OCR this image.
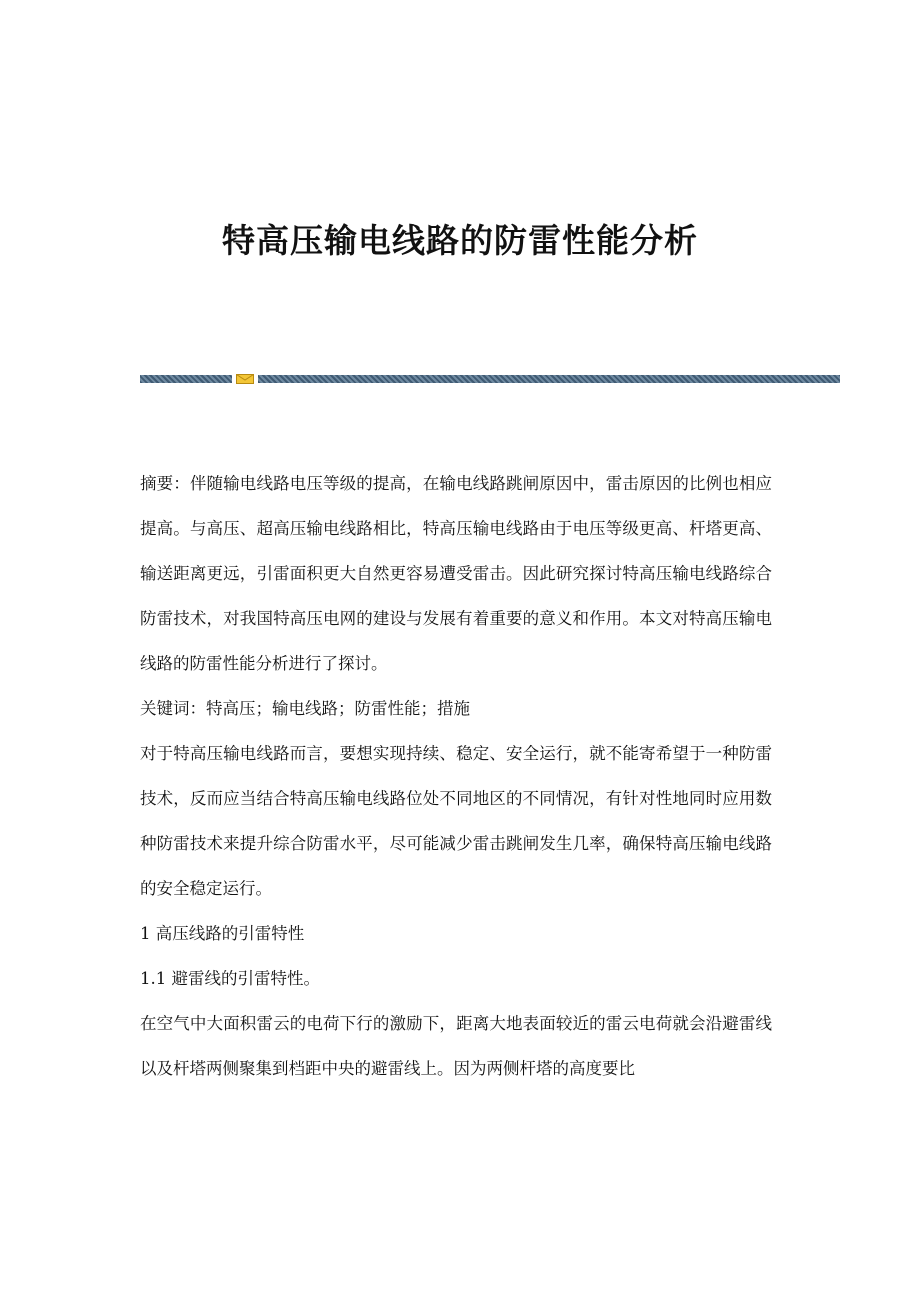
特高压输电线路的防雷性能分析

摘要：伴随输电线路电压等级的提高，在输电线路跳闸原因中，雷击原因的比例也相应提高。与高压、超高压输电线路相比，特高压输电线路由于电压等级更高、杆塔更高、输送距离更远，引雷面积更大自然更容易遭受雷击。因此研究探讨特高压输电线路综合防雷技术，对我国特高压电网的建设与发展有着重要的意义和作用。本文对特高压输电线路的防雷性能分析进行了探讨。

关键词：特高压；输电线路；防雷性能；措施

对于特高压输电线路而言，要想实现持续、稳定、安全运行，就不能寄希望于一种防雷技术，反而应当结合特高压输电线路位处不同地区的不同情况，有针对性地同时应用数种防雷技术来提升综合防雷水平，尽可能减少雷击跳闸发生几率，确保特高压输电线路的安全稳定运行。

1 高压线路的引雷特性

1.1 避雷线的引雷特性。

在空气中大面积雷云的电荷下行的激励下，距离大地表面较近的雷云电荷就会沿避雷线以及杆塔两侧聚集到档距中央的避雷线上。因为两侧杆塔的高度要比
